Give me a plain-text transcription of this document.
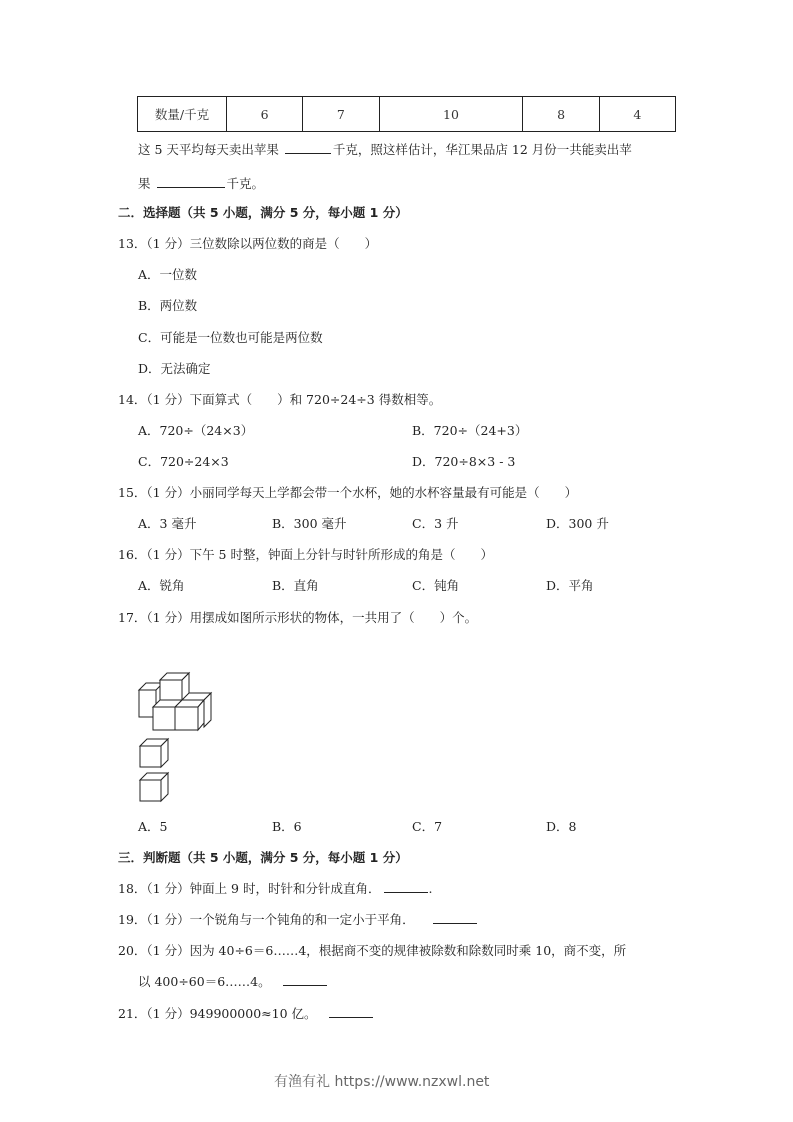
数量/千克	6	7	10	8	4
这 5 天平均每天卖出苹果	千克，照这样估计，华江果品店 12 月份一共能卖出苹
果	千克。
二．选择题（共 5 小题，满分 5 分，每小题 1 分）
13．（1 分）三位数除以两位数的商是（　　）
A．一位数
B．两位数
C．可能是一位数也可能是两位数
D．无法确定
14．（1 分）下面算式（　　）和 720÷24÷3 得数相等。
A．720÷（24×3）	B．720÷（24+3）
C．720÷24×3	D．720÷8×3 - 3
15．（1 分）小丽同学每天上学都会带一个水杯，她的水杯容量最有可能是（　　）
A．3 毫升	B．300 毫升	C．3 升	D．300 升
16．（1 分）下午 5 时整，钟面上分针与时针所形成的角是（　　）
A．锐角	B．直角	C．钝角	D．平角
17．（1 分）用摆成如图所示形状的物体，一共用了（　　）个。
A．5	B．6	C．7	D．8
三．判断题（共 5 小题，满分 5 分，每小题 1 分）
18．（1 分）钟面上 9 时，时针和分针成直角．	.
19．（1 分）一个锐角与一个钝角的和一定小于平角．
20．（1 分）因为 40÷6＝6……4，根据商不变的规律被除数和除数同时乘 10，商不变，所
以 400÷60＝6……4。
21．（1 分）949900000≈10 亿。
有渔有礼 https://www.nzxwl.net
